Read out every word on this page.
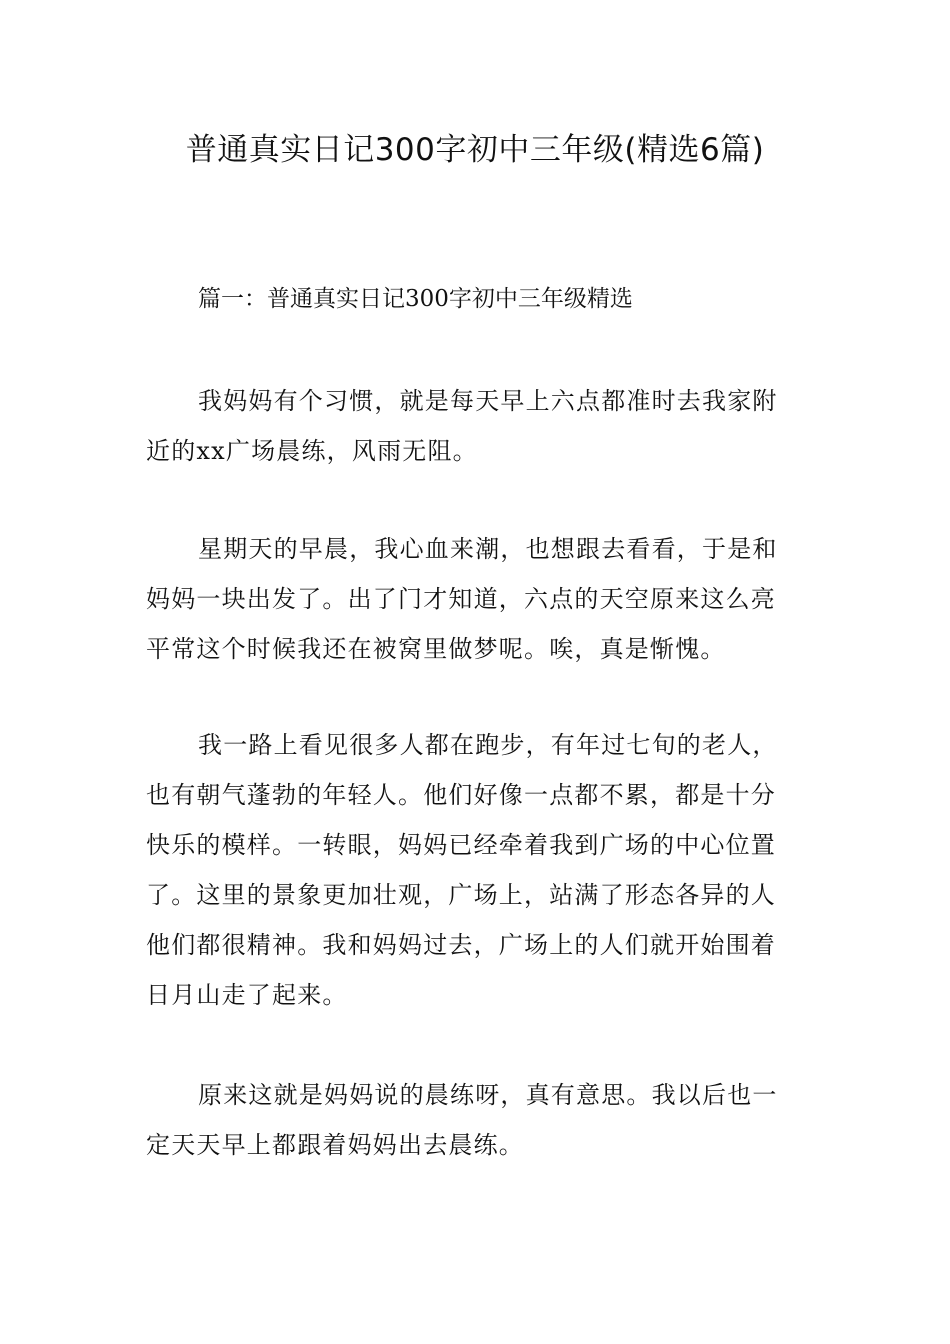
普通真实日记300字初中三年级(精选6篇)
篇一：普通真实日记300字初中三年级精选
我妈妈有个习惯，就是每天早上六点都准时去我家附
近的xx广场晨练，风雨无阻。
星期天的早晨，我心血来潮，也想跟去看看，于是和
妈妈一块出发了。出了门才知道，六点的天空原来这么亮
平常这个时候我还在被窝里做梦呢。唉，真是惭愧。
我一路上看见很多人都在跑步，有年过七旬的老人，
也有朝气蓬勃的年轻人。他们好像一点都不累，都是十分
快乐的模样。一转眼，妈妈已经牵着我到广场的中心位置
了。这里的景象更加壮观，广场上，站满了形态各异的人
他们都很精神。我和妈妈过去，广场上的人们就开始围着
日月山走了起来。
原来这就是妈妈说的晨练呀，真有意思。我以后也一
定天天早上都跟着妈妈出去晨练。
